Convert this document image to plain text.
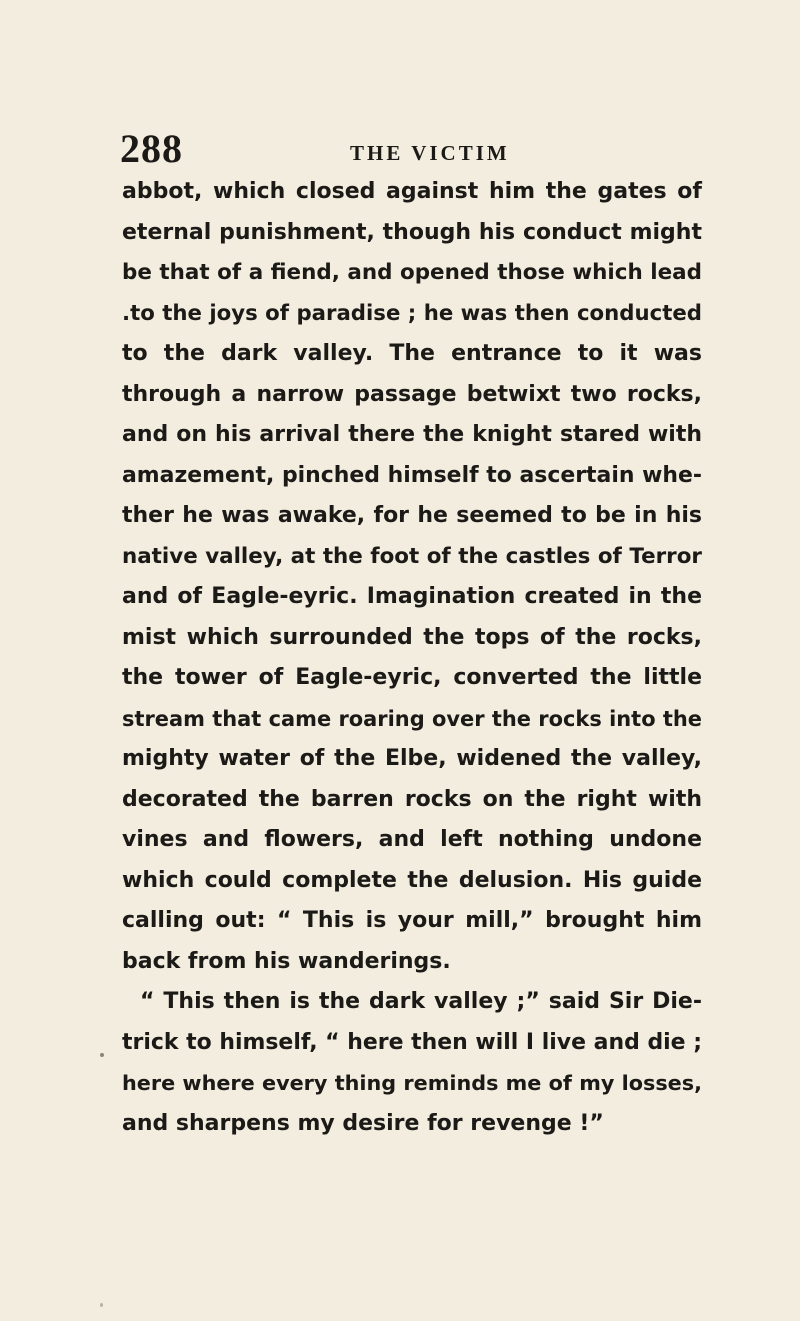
288	THE VICTIM
abbot, which closed against him the gates of
eternal punishment, though his conduct might
be that of a fiend, and opened those which lead
.to the joys of paradise ; he was then conducted
to the dark valley. The entrance to it was
through a narrow passage betwixt two rocks,
and on his arrival there the knight stared with
amazement, pinched himself to ascertain whe-
ther he was awake, for he seemed to be in his
native valley, at the foot of the castles of Terror
and of Eagle-eyric. Imagination created in the
mist which surrounded the tops of the rocks,
the tower of Eagle-eyric, converted the little
stream that came roaring over the rocks into the
mighty water of the Elbe, widened the valley,
decorated the barren rocks on the right with
vines and flowers, and left nothing undone
which could complete the delusion. His guide
calling out: “ This is your mill,” brought him
back from his wanderings.
“ This then is the dark valley ;” said Sir Die-
trick to himself, “ here then will I live and die ;
here where every thing reminds me of my losses,
and sharpens my desire for revenge !”
